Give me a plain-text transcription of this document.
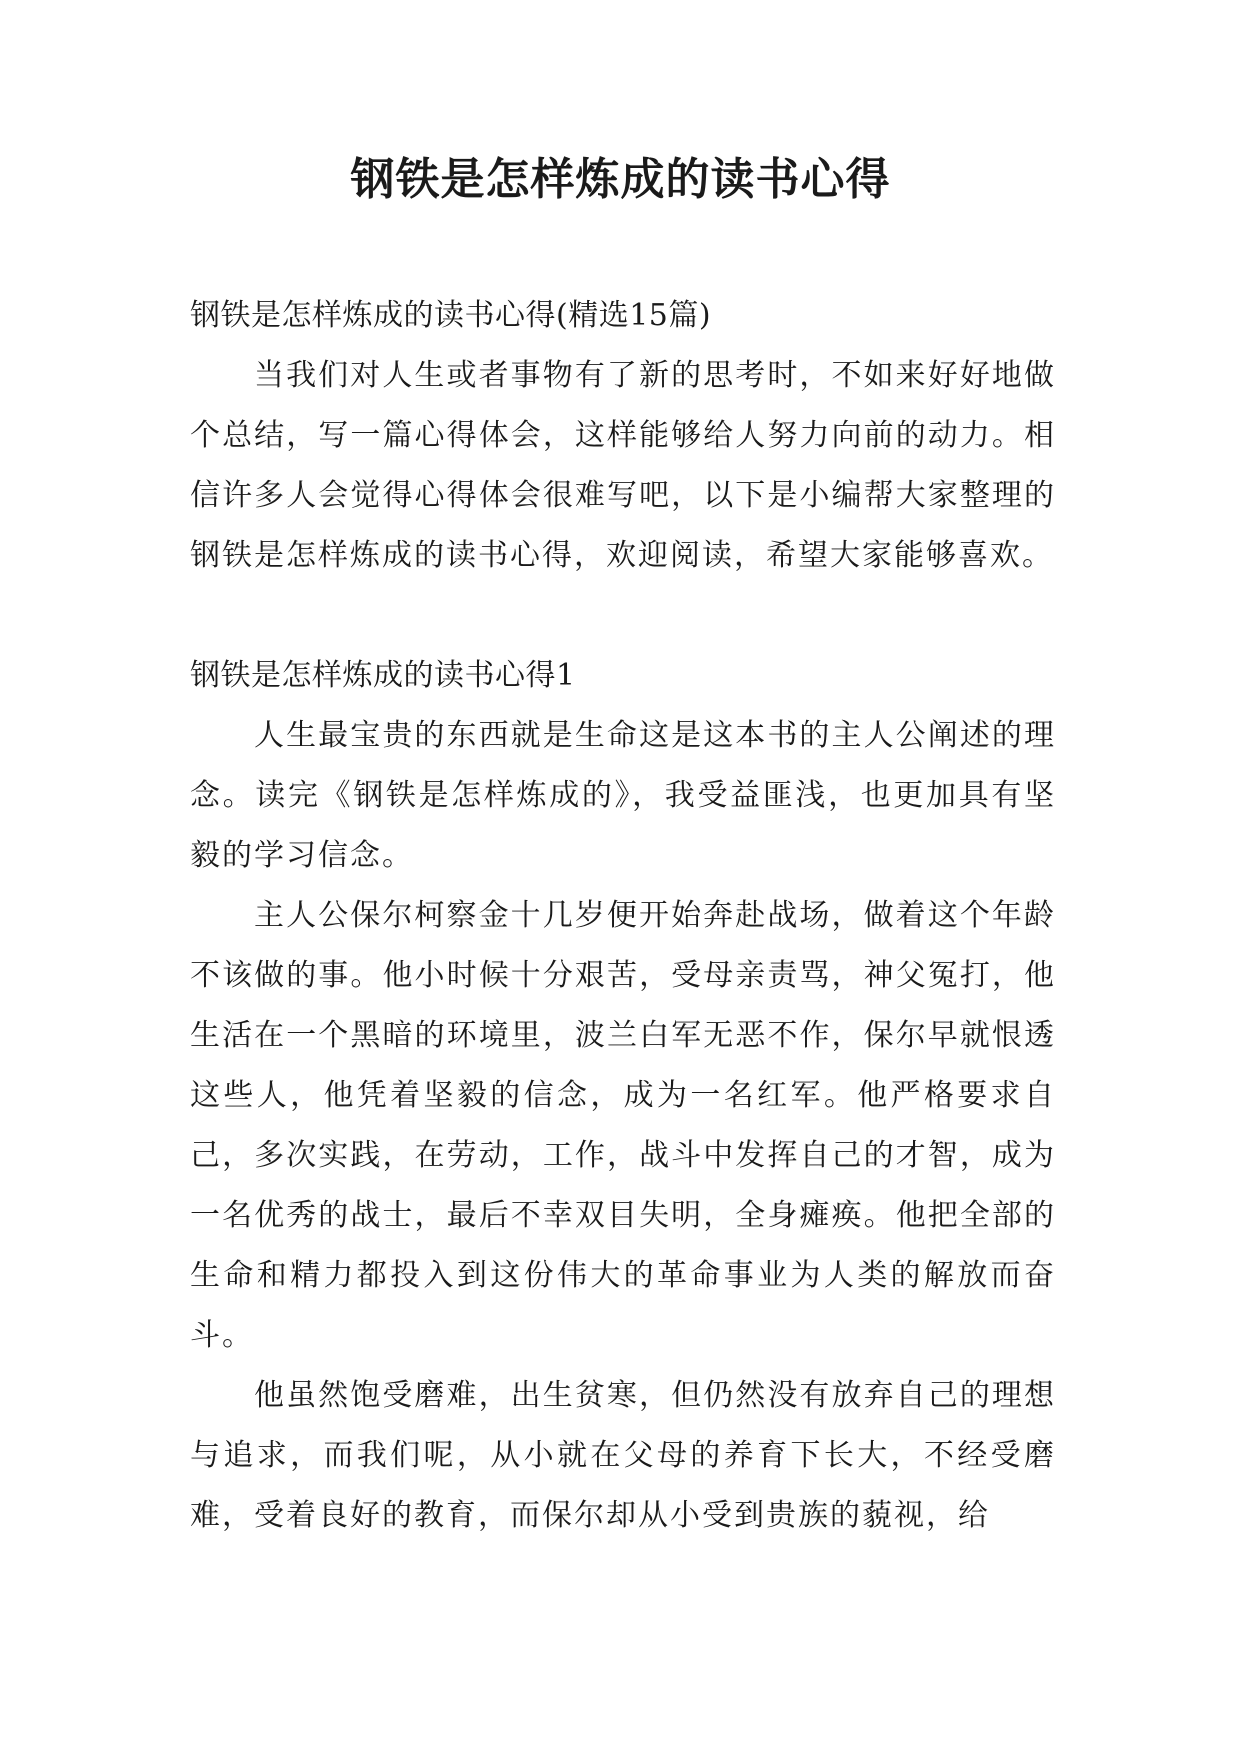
钢铁是怎样炼成的读书心得

钢铁是怎样炼成的读书心得(精选15篇)

当我们对人生或者事物有了新的思考时，不如来好好地做个总结，写一篇心得体会，这样能够给人努力向前的动力。相信许多人会觉得心得体会很难写吧，以下是小编帮大家整理的钢铁是怎样炼成的读书心得，欢迎阅读，希望大家能够喜欢。

钢铁是怎样炼成的读书心得1

人生最宝贵的东西就是生命这是这本书的主人公阐述的理念。读完《钢铁是怎样炼成的》，我受益匪浅，也更加具有坚毅的学习信念。

主人公保尔柯察金十几岁便开始奔赴战场，做着这个年龄不该做的事。他小时候十分艰苦，受母亲责骂，神父冤打，他生活在一个黑暗的环境里，波兰白军无恶不作，保尔早就恨透这些人，他凭着坚毅的信念，成为一名红军。他严格要求自己，多次实践，在劳动，工作，战斗中发挥自己的才智，成为一名优秀的战士，最后不幸双目失明，全身瘫痪。他把全部的生命和精力都投入到这份伟大的革命事业为人类的解放而奋斗。

他虽然饱受磨难，出生贫寒，但仍然没有放弃自己的理想与追求，而我们呢，从小就在父母的养育下长大，不经受磨难，受着良好的教育，而保尔却从小受到贵族的藐视，给
